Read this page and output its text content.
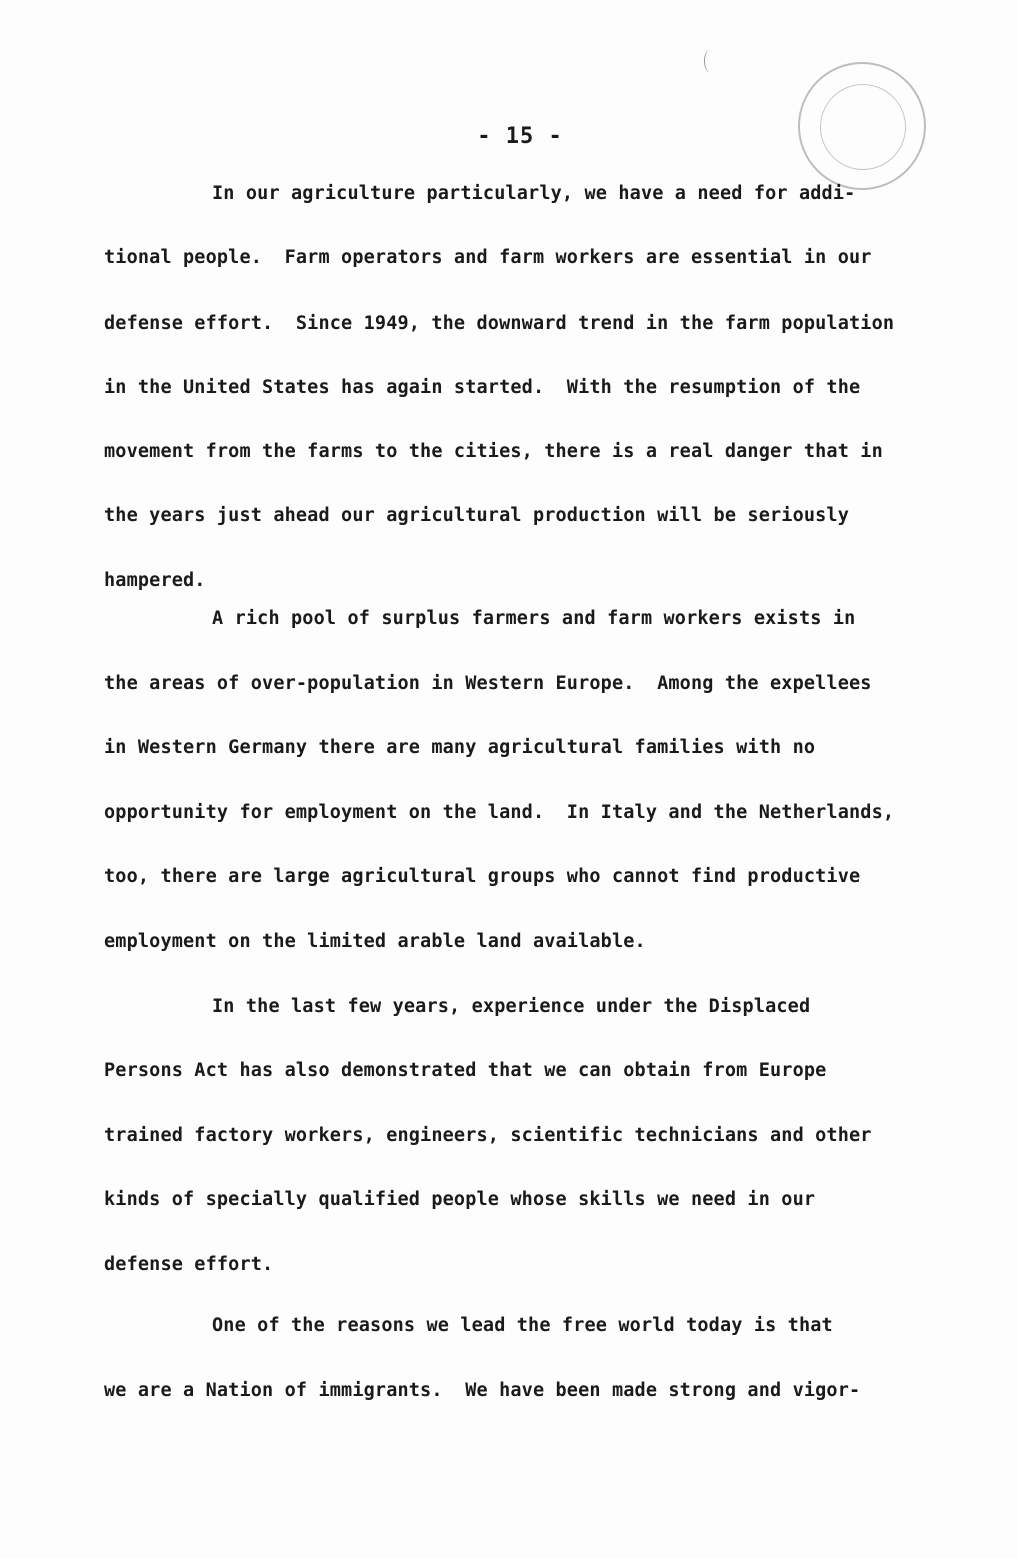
- 15 -
In our agriculture particularly, we have a need for addi-
tional people.  Farm operators and farm workers are essential in our
defense effort.  Since 1949, the downward trend in the farm population
in the United States has again started.  With the resumption of the
movement from the farms to the cities, there is a real danger that in
the years just ahead our agricultural production will be seriously
hampered.
A rich pool of surplus farmers and farm workers exists in
the areas of over-population in Western Europe.  Among the expellees
in Western Germany there are many agricultural families with no
opportunity for employment on the land.  In Italy and the Netherlands,
too, there are large agricultural groups who cannot find productive
employment on the limited arable land available.
In the last few years, experience under the Displaced
Persons Act has also demonstrated that we can obtain from Europe
trained factory workers, engineers, scientific technicians and other
kinds of specially qualified people whose skills we need in our
defense effort.
One of the reasons we lead the free world today is that
we are a Nation of immigrants.  We have been made strong and vigor-
